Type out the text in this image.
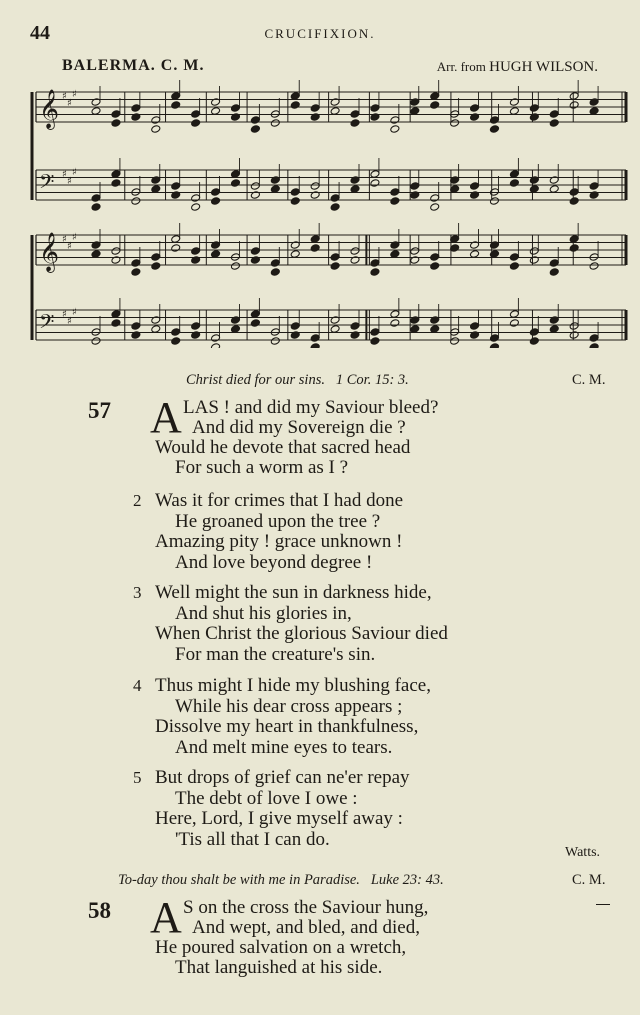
44	CRUCIFIXION.
BALERMA. C. M.	Arr. from HUGH WILSON.
𝄞 ♯
♯
♯
𝄢 ♯
♯
♯
𝄞 ♯
♯
♯
𝄢 ♯
♯
♯
Christ died for our sins. 1 Cor. 15: 3.	C. M.
57 A LAS ! and did my Saviour bleed?
And did my Sovereign die ?
Would he devote that sacred head
For such a worm as I ?
2 Was it for crimes that I had done
He groaned upon the tree ?
Amazing pity ! grace unknown !
And love beyond degree !
3 Well might the sun in darkness hide,
And shut his glories in,
When Christ the glorious Saviour died
For man the creature's sin.
4 Thus might I hide my blushing face,
While his dear cross appears ;
Dissolve my heart in thankfulness,
And melt mine eyes to tears.
5 But drops of grief can ne'er repay
The debt of love I owe :
Here, Lord, I give myself away :
'Tis all that I can do.
Watts.
To-day thou shalt be with me in Paradise. Luke 23: 43.	C. M.
58 A S on the cross the Saviour hung,
And wept, and bled, and died,
He poured salvation on a wretch,
That languished at his side.
